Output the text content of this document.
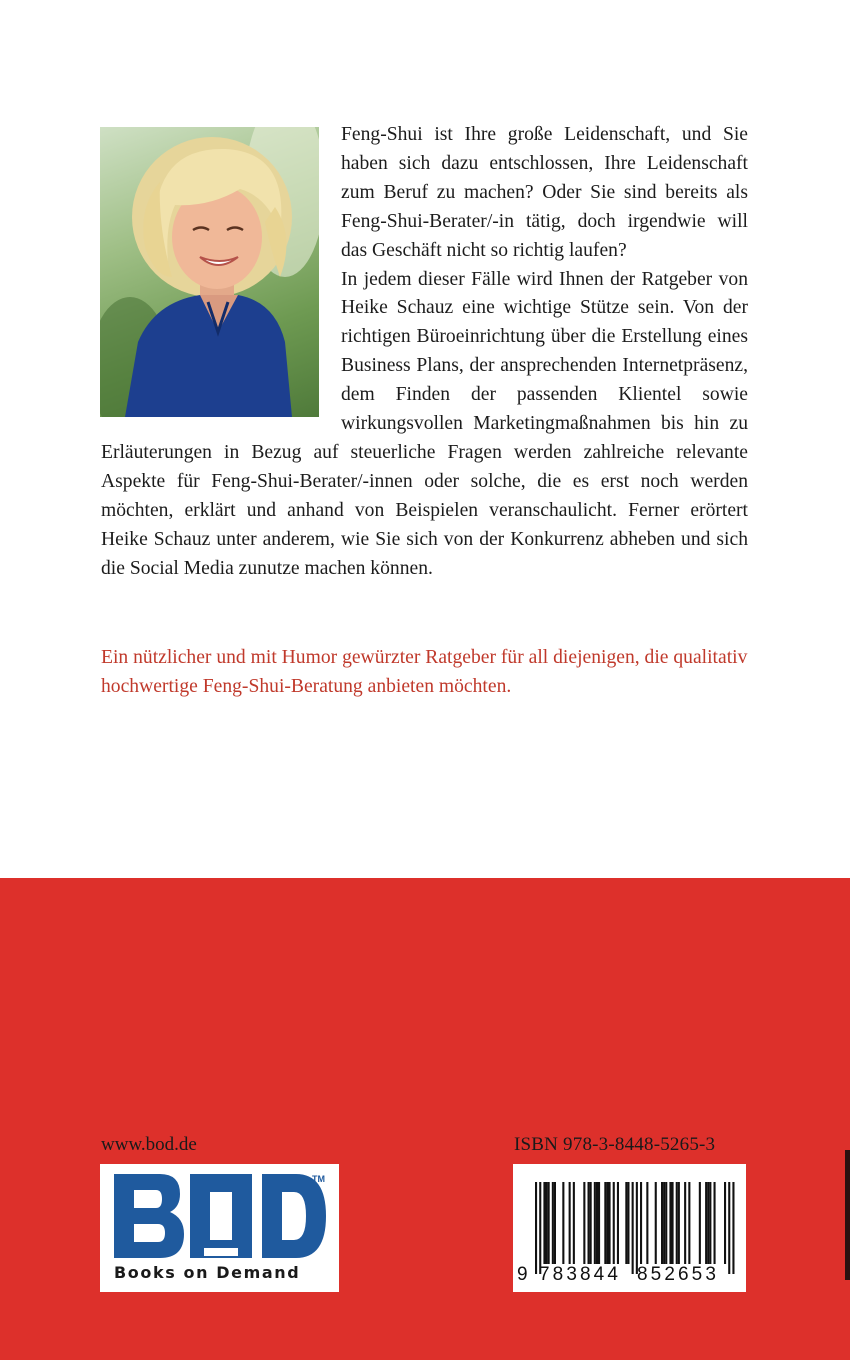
Feng-Shui ist Ihre große Leidenschaft, und Sie haben sich dazu entschlossen, Ihre Leidenschaft zum Beruf zu machen? Oder Sie sind bereits als Feng-Shui-Berater/-in tätig, doch irgendwie will das Geschäft nicht so richtig laufen?

In jedem dieser Fälle wird Ihnen der Ratgeber von Heike Schauz eine wichtige Stütze sein. Von der richtigen Büroeinrichtung über die Erstellung eines Business Plans, der ansprechenden Internetpräsenz, dem Finden der passenden Klientel sowie wirkungsvollen Marketingmaßnahmen bis hin zu Erläuterungen in Bezug auf steuerliche Fragen werden zahlreiche relevante Aspekte für Feng-Shui-Berater/-innen oder solche, die es erst noch werden möchten, erklärt und anhand von Beispielen veranschaulicht. Ferner erörtert Heike Schauz unter anderem, wie Sie sich von der Konkurrenz abheben und sich die Social Media zunutze machen können.

Ein nützlicher und mit Humor gewürzter Ratgeber für all diejenigen, die qualitativ hochwertige Feng-Shui-Beratung anbieten möchten.
www.bod.de	ISBN 978-3-8448-5265-3
TM
Books on Demand	9 783844 852653
